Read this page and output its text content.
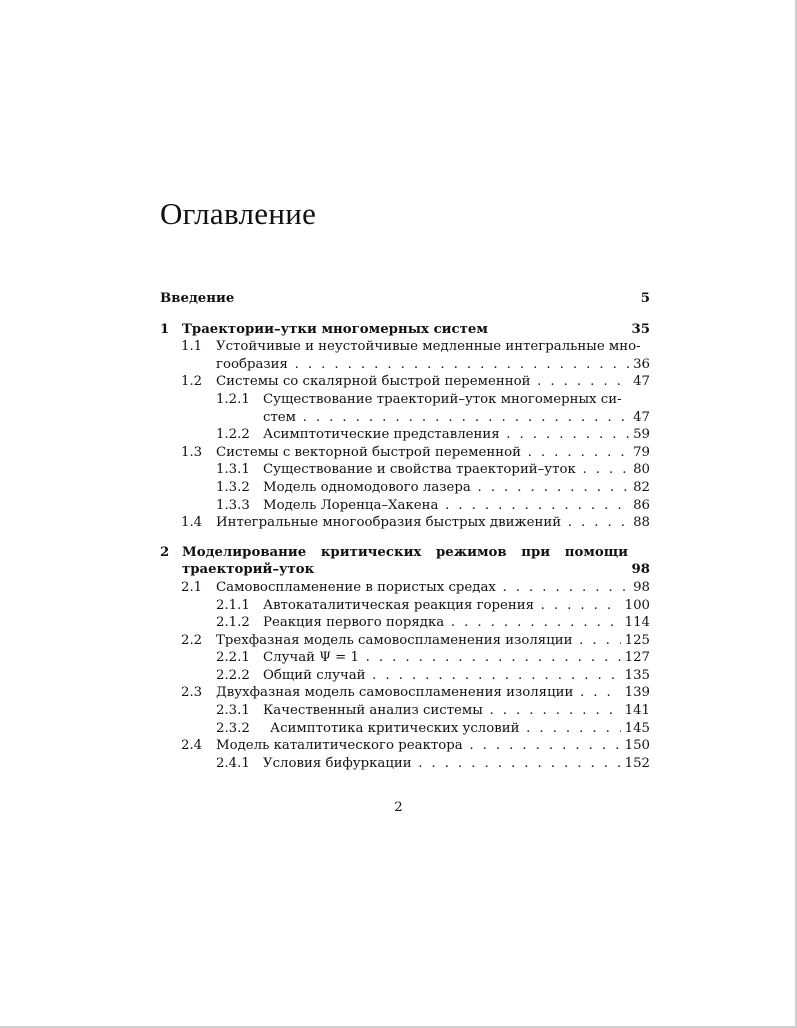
Оглавление
Введение	5
1 Траектории–утки многомерных систем	35
1.1 Устойчивые и неустойчивые медленные интегральные мно-
гообразия . . .	36
1.2 Системы со скалярной быстрой переменной . . .	47
1.2.1 Существование траекторий–уток многомерных си-
стем . . .	47
1.2.2 Асимптотические представления . . .	59
1.3 Системы с векторной быстрой переменной . . .	79
1.3.1 Существование и свойства траекторий–уток . . .	80
1.3.2 Модель одномодового лазера . . .	82
1.3.3 Модель Лоренца–Хакена . . .	86
1.4 Интегральные многообразия быстрых движений . . .	88
2 Моделирование критических режимов при помощи
траекторий–уток	98
2.1 Самовоспламенение в пористых средах . . .	98
2.1.1 Автокаталитическая реакция горения . . .	100
2.1.2 Реакция первого порядка . . .	114
2.2 Трехфазная модель самовоспламенения изоляции . . .	125
2.2.1 Случай Ψ = 1 . . .	127
2.2.2 Общий случай . . .	135
2.3 Двухфазная модель самовоспламенения изоляции . . .	139
2.3.1 Качественный анализ системы . . .	141
2.3.2 Асимптотика критических условий . . .	145
2.4 Модель каталитического реактора . . .	150
2.4.1 Условия бифуркации . . .	152
2
